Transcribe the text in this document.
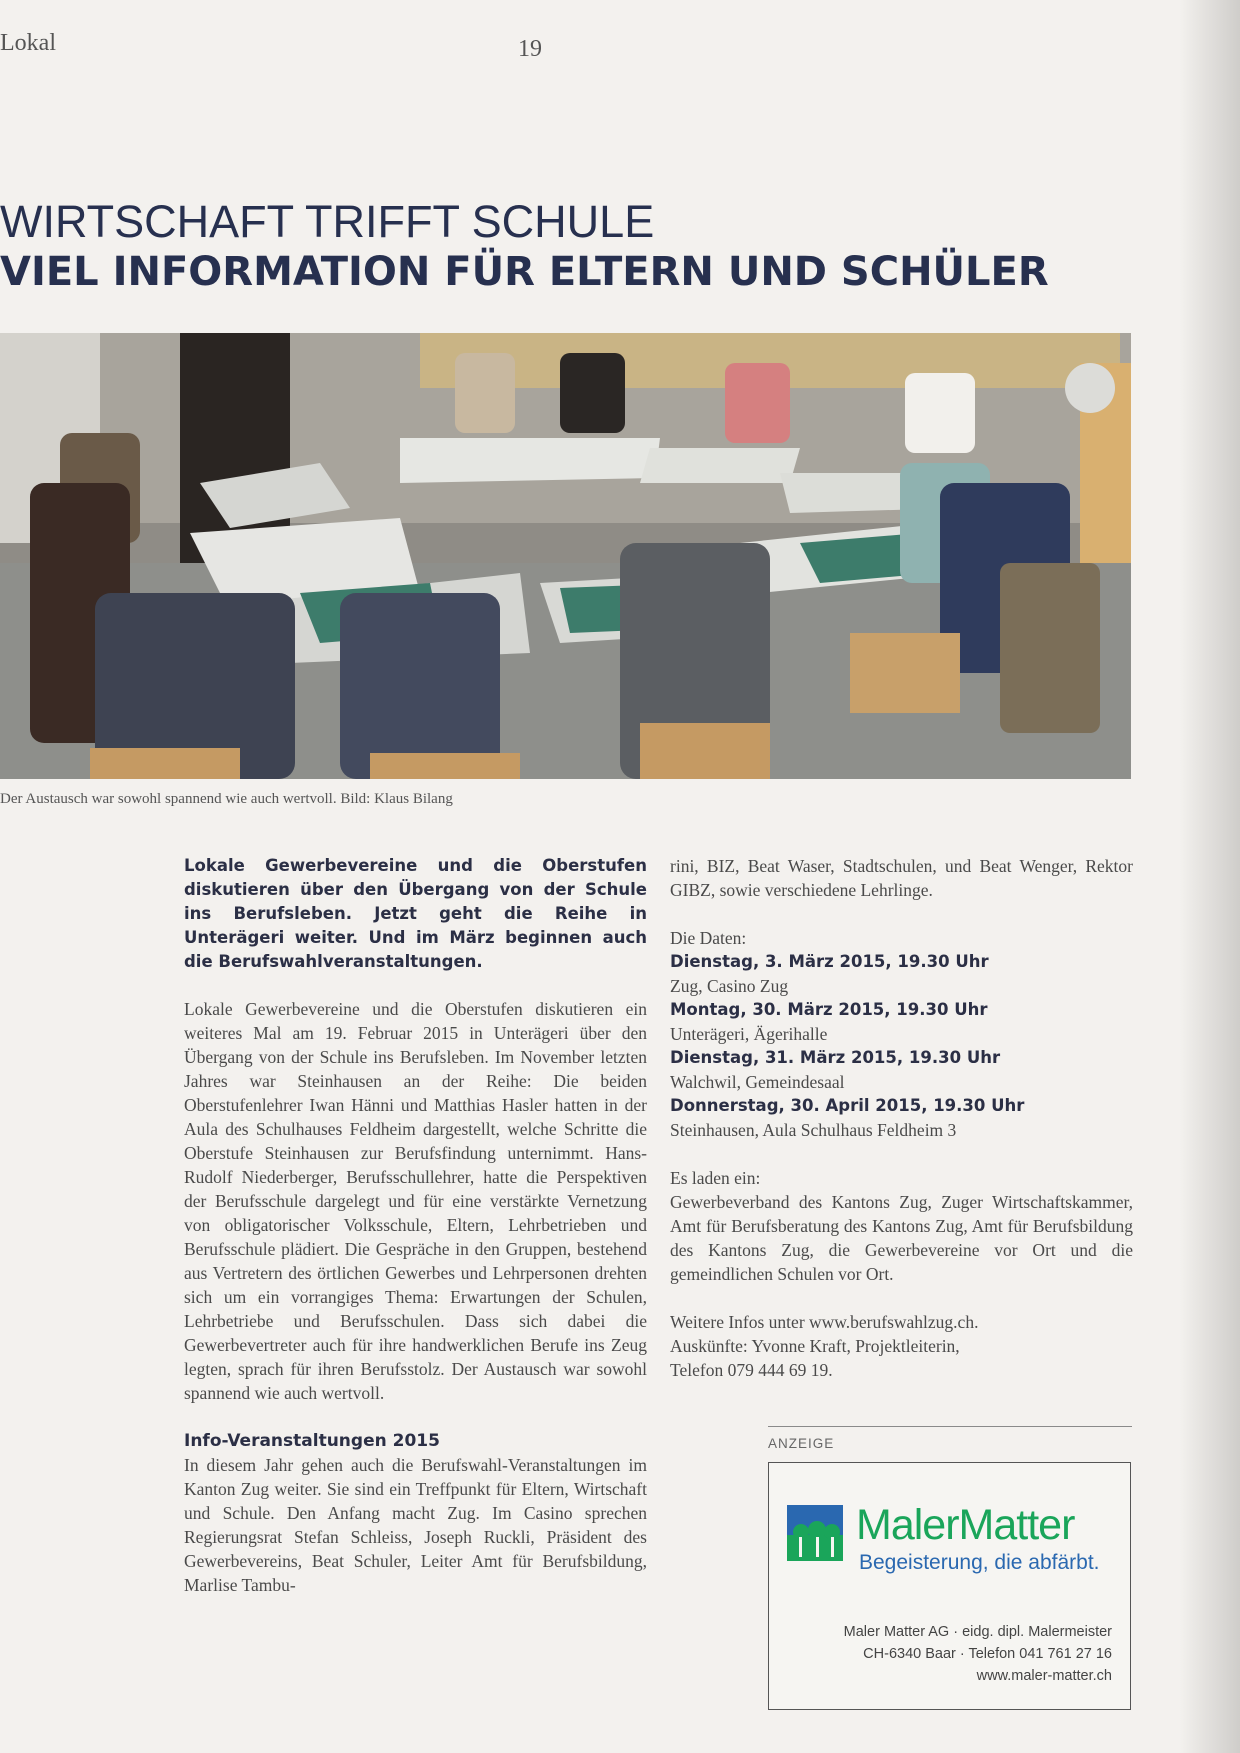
Lokal	19
WIRTSCHAFT TRIFFT SCHULE
VIEL INFORMATION FÜR ELTERN UND SCHÜLER
Der Austausch war sowohl spannend wie auch wertvoll. Bild: Klaus Bilang

Lokale Gewerbevereine und die Oberstufen diskutieren über den Übergang von der Schule ins Berufsleben. Jetzt geht die Reihe in Unterägeri weiter. Und im März beginnen auch die Berufswahlveranstaltungen.

Lokale Gewerbevereine und die Oberstufen diskutieren ein weiteres Mal am 19. Februar 2015 in Unterägeri über den Übergang von der Schule ins Berufsleben. Im November letzten Jahres war Steinhausen an der Reihe: Die beiden Oberstufenlehrer Iwan Hänni und Matthias Hasler hatten in der Aula des Schulhauses Feldheim dargestellt, welche Schritte die Oberstufe Steinhausen zur Berufsfindung unternimmt. Hans-Rudolf Niederberger, Berufsschullehrer, hatte die Perspektiven der Berufsschule dargelegt und für eine verstärkte Vernetzung von obligatorischer Volksschule, Eltern, Lehrbetrieben und Berufsschule plädiert. Die Gespräche in den Gruppen, bestehend aus Vertretern des örtlichen Gewerbes und Lehrpersonen drehten sich um ein vorrangiges Thema: Erwartungen der Schulen, Lehrbetriebe und Berufsschulen. Dass sich dabei die Gewerbevertreter auch für ihre handwerklichen Berufe ins Zeug legten, sprach für ihren Berufsstolz. Der Austausch war sowohl spannend wie auch wertvoll.

Info-Veranstaltungen 2015

In diesem Jahr gehen auch die Berufswahl-Veranstaltungen im Kanton Zug weiter. Sie sind ein Treffpunkt für Eltern, Wirtschaft und Schule. Den Anfang macht Zug. Im Casino sprechen Regierungsrat Stefan Schleiss, Joseph Ruckli, Präsident des Gewerbevereins, Beat Schuler, Leiter Amt für Berufsbildung, Marlise Tambu-

rini, BIZ, Beat Waser, Stadtschulen, und Beat Wenger, Rektor GIBZ, sowie verschiedene Lehrlinge.

Die Daten:
Dienstag, 3. März 2015, 19.30 Uhr
Zug, Casino Zug
Montag, 30. März 2015, 19.30 Uhr
Unterägeri, Ägerihalle
Dienstag, 31. März 2015, 19.30 Uhr
Walchwil, Gemeindesaal
Donnerstag, 30. April 2015, 19.30 Uhr
Steinhausen, Aula Schulhaus Feldheim 3
Es laden ein:

Gewerbeverband des Kantons Zug, Zuger Wirtschaftskammer, Amt für Berufsberatung des Kantons Zug, Amt für Berufsbildung des Kantons Zug, die Gewerbevereine vor Ort und die gemeindlichen Schulen vor Ort.

Weitere Infos unter www.berufswahlzug.ch.
Auskünfte: Yvonne Kraft, Projektleiterin,
Telefon 079 444 69 19.
ANZEIGE
MalerMatter
Begeisterung, die abfärbt.
Maler Matter AG · eidg. dipl. Malermeister
CH-6340 Baar · Telefon 041 761 27 16
www.maler-matter.ch
